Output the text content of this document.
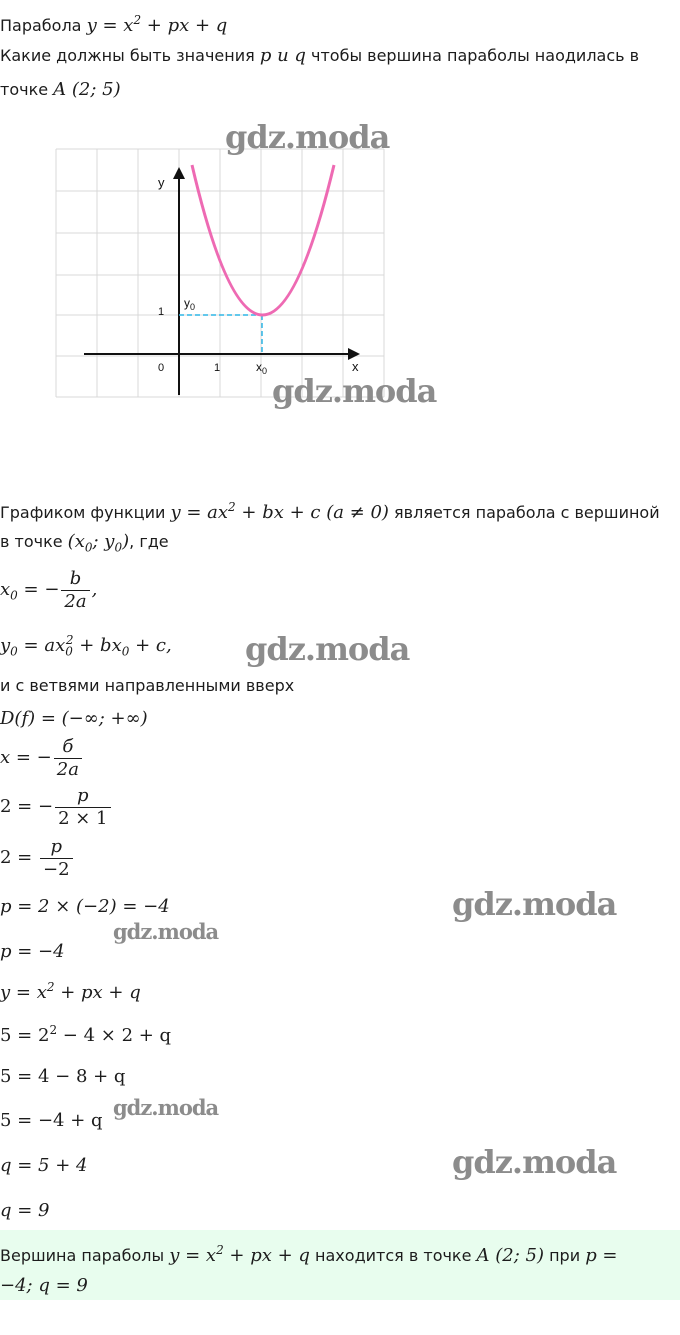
Парабола $y = x^2$ + px + q
Какие должны быть значения p и q чтобы вершина параболы наодилась в
точке A (2; 5)
y
x
0	1
1
$x_0$
$y_0$
Графиком функции $y = ax^2$ + bx + c (a ≠ 0) является парабола с вершиной
в точке ($x_0$; $y_0$), где
$x_0$ = − $\frac{b}{2a}$ ,
$y_0 = ax_0^2 + bx_0 + c$,
и с ветвями направленными вверх
D(f) = (−∞; +∞)
x = − $\frac{б}{2a}$
2 = − $\frac{p}{2 \times 1}$
$2 = \frac{p}{-2}$
p = 2 × (−2) = −4
p = −4
$y = x^2$ + px + q
$5 = 2^2 - 4 \times 2 + q$
5 = 4 − 8 + q
5 = −4 + q
q = 5 + 4
q = 9
Вершина параболы $y = x^2$ + px + q находится в точке A (2; 5) при p =
−4; q = 9
gdz.moda
gdz.moda
gdz.moda
gdz.moda
gdz.moda
gdz.moda
gdz.moda
